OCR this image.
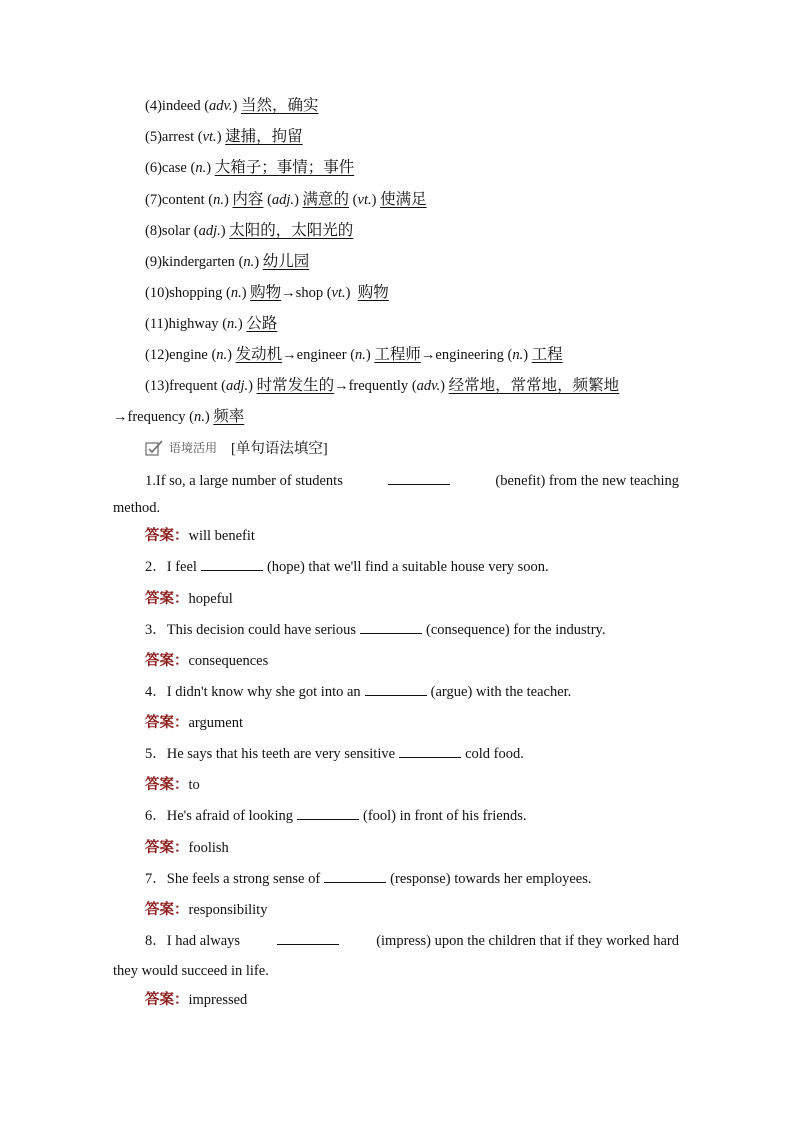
(4)indeed (adv.) 当然，确实
(5)arrest (vt.) 逮捕，拘留
(6)case (n.) 大箱子；事情；事件
(7)content (n.) 内容 (adj.) 满意的 (vt.) 使满足
(8)solar (adj.) 太阳的，太阳光的
(9)kindergarten (n.) 幼儿园
(10)shopping (n.) 购物→shop (vt.)  购物
(11)highway (n.) 公路
(12)engine (n.) 发动机→engineer (n.) 工程师→engineering (n.) 工程
(13)frequent (adj.) 时常发生的→frequently (adv.) 经常地，常常地，频繁地
→frequency (n.) 频率
语境活用 [单句语法填空]
1.If so, a large number of students	(benefit) from the new teaching
method.
答案：will benefit
2．I feel	(hope) that we'll find a suitable house very soon.
答案：hopeful
3．This decision could have serious	(consequence) for the industry.
答案：consequences
4．I didn't know why she got into an	(argue) with the teacher.
答案：argument
5．He says that his teeth are very sensitive	cold food.
答案：to
6．He's afraid of looking	(fool) in front of his friends.
答案：foolish
7．She feels a strong sense of	(response) towards her employees.
答案：responsibility
8．I had always	(impress) upon the children that if they worked hard
they would succeed in life.
答案：impressed
